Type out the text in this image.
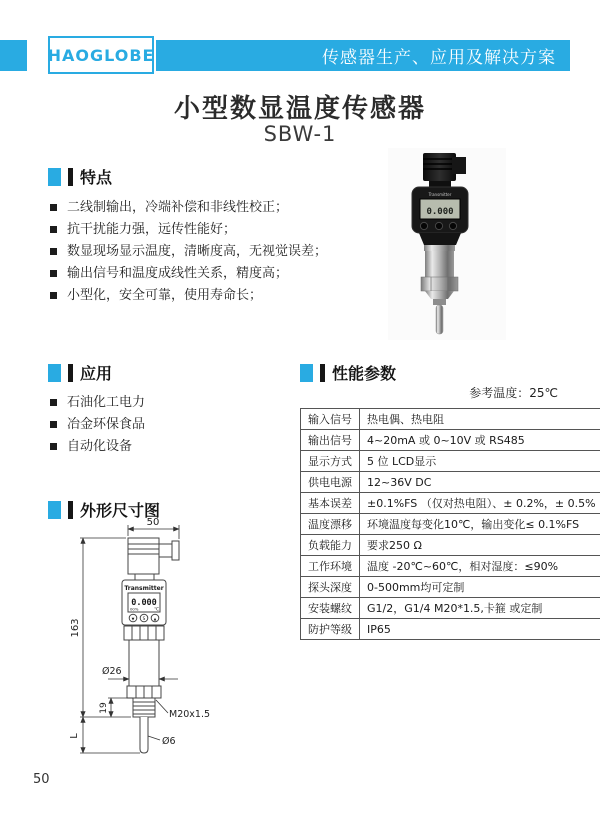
HAOGLOBE	传感器生产、应用及解决方案
小型数显温度传感器
SBW-1
特点
二线制输出，冷端补偿和非线性校正；
抗干扰能力强，远传性能好；
数显现场显示温度，清晰度高，无视觉误差；
输出信号和温度成线性关系，精度高；
小型化，安全可靠，使用寿命长；
Transmitter
0.000
应用
石油化工电力
冶金环保食品
自动化设备
性能参数
参考温度：25℃
输入信号	热电偶、热电阻
输出信号	4~20mA 或 0~10V 或 RS485
显示方式	5 位 LCD显示
供电电源	12~36V DC
基本误差	±0.1%FS （仅对热电阻）、± 0.2%，± 0.5%
温度漂移	环境温度每变化10℃，输出变化≤ 0.1%FS
负载能力	要求250 Ω
工作环境	温度 -20℃~60℃，相对湿度：≤90%
探头深度	0-500mm均可定制
安装螺纹	G1/2，G1/4 M20*1.5,卡箍 或定制
防护等级	IP65
外形尺寸图
Transmitter
0.000
00%	℃
▼ S ▲
50
163
Ø26
19
M20x1.5
Ø6
L
50
